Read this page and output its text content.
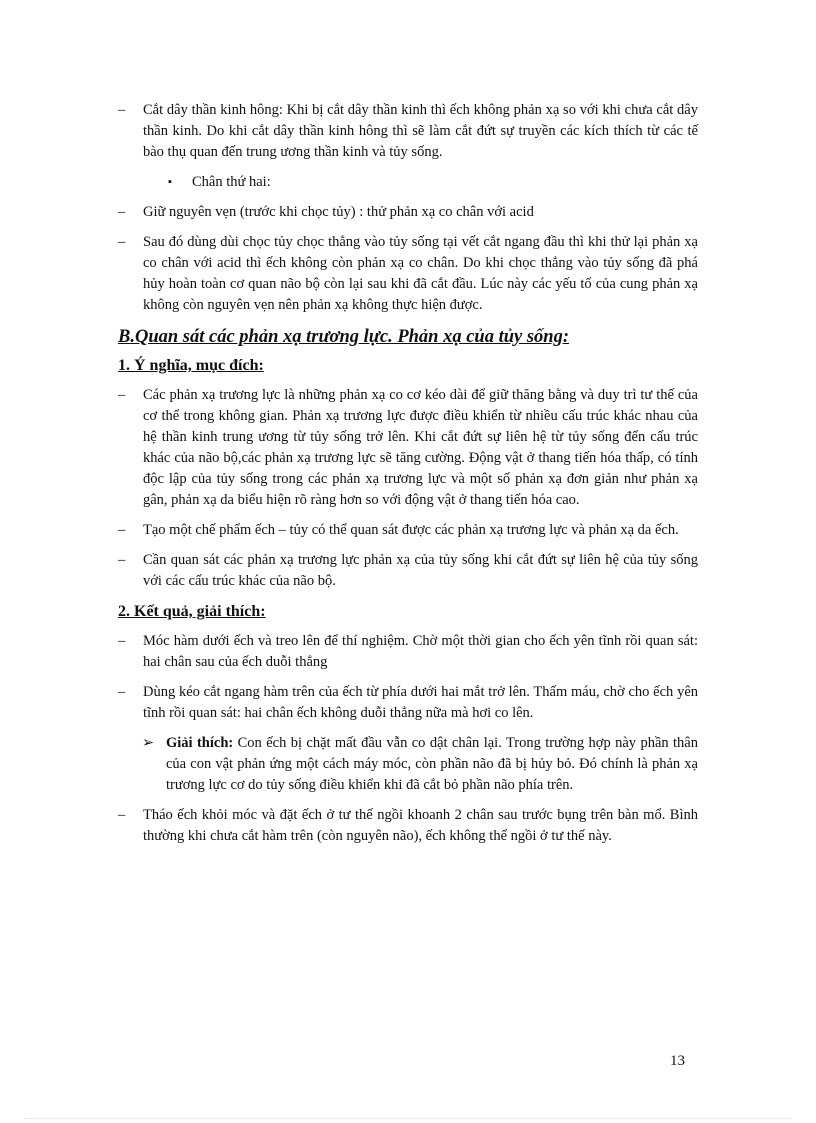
–	Cắt dây thần kinh hông: Khi bị cắt dây thần kinh thì ếch không phản xạ so với khi chưa cắt dây thần kinh. Do khi cắt dây thần kinh hông thì sẽ làm cắt đứt sự truyền các kích thích từ các tế bào thụ quan đến trung ương thần kinh và tủy sống.
▪ Chân thứ hai:
–	Giữ nguyên vẹn (trước khi chọc tủy) : thử phản xạ co chân với acid
–	Sau đó dùng dùi chọc tủy chọc thẳng vào tủy sống tại vết cắt ngang đầu thì khi thử lại phản xạ co chân với acid thì ếch không còn phản xạ co chân. Do khi chọc thẳng vào tủy sống đã phá hủy hoàn toàn cơ quan não bộ còn lại sau khi đã cắt đầu. Lúc này các yếu tố của cung phản xạ không còn nguyên vẹn nên phản xạ không thực hiện được.
B.Quan sát các phản xạ trương lực. Phản xạ của tủy sống:
1. Ý nghĩa, mục đích:
–	Các phản xạ trương lực là những phản xạ co cơ kéo dài để giữ thăng bằng và duy trì tư thế của cơ thể trong không gian. Phản xạ trương lực được điều khiển từ nhiều cấu trúc khác nhau của hệ thần kinh trung ương từ tủy sống trở lên. Khi cắt đứt sự liên hệ từ tủy sống đến cấu trúc khác của não bộ,các phản xạ trương lực sẽ tăng cường. Động vật ở thang tiến hóa thấp, có tính độc lập của tủy sống trong các phản xạ trương lực và một số phản xạ đơn giản như phản xạ gân, phản xạ da biểu hiện rõ ràng hơn so với động vật ở thang tiến hóa cao.
–	Tạo một chế phẩm ếch – tủy có thể quan sát được các phản xạ trương lực và phản xạ da ếch.
–	Cần quan sát các phản xạ trương lực phản xạ của tủy sống khi cắt đứt sự liên hệ của tủy sống với các cấu trúc khác của não bộ.
2. Kết quả, giải thích:
–	Móc hàm dưới ếch và treo lên để thí nghiệm. Chờ một thời gian cho ếch yên tĩnh rồi quan sát: hai chân sau của ếch duỗi thẳng
–	Dùng kéo cắt ngang hàm trên của ếch từ phía dưới hai mắt trở lên. Thấm máu, chờ cho ếch yên tĩnh rồi quan sát: hai chân ếch không duỗi thẳng nữa mà hơi co lên.
➢ Giải thích: Con ếch bị chặt mất đầu vẫn co dật chân lại. Trong trường hợp này phần thân của con vật phản ứng một cách máy móc, còn phần não đã bị hủy bỏ. Đó chính là phản xạ trương lực cơ do tủy sống điều khiển khi đã cắt bỏ phần não phía trên.
–	Tháo ếch khỏi móc và đặt ếch ở tư thế ngồi khoanh 2 chân sau trước bụng trên bàn mổ. Bình thường khi chưa cắt hàm trên (còn nguyên não), ếch không thể ngồi ở tư thế này.
13
